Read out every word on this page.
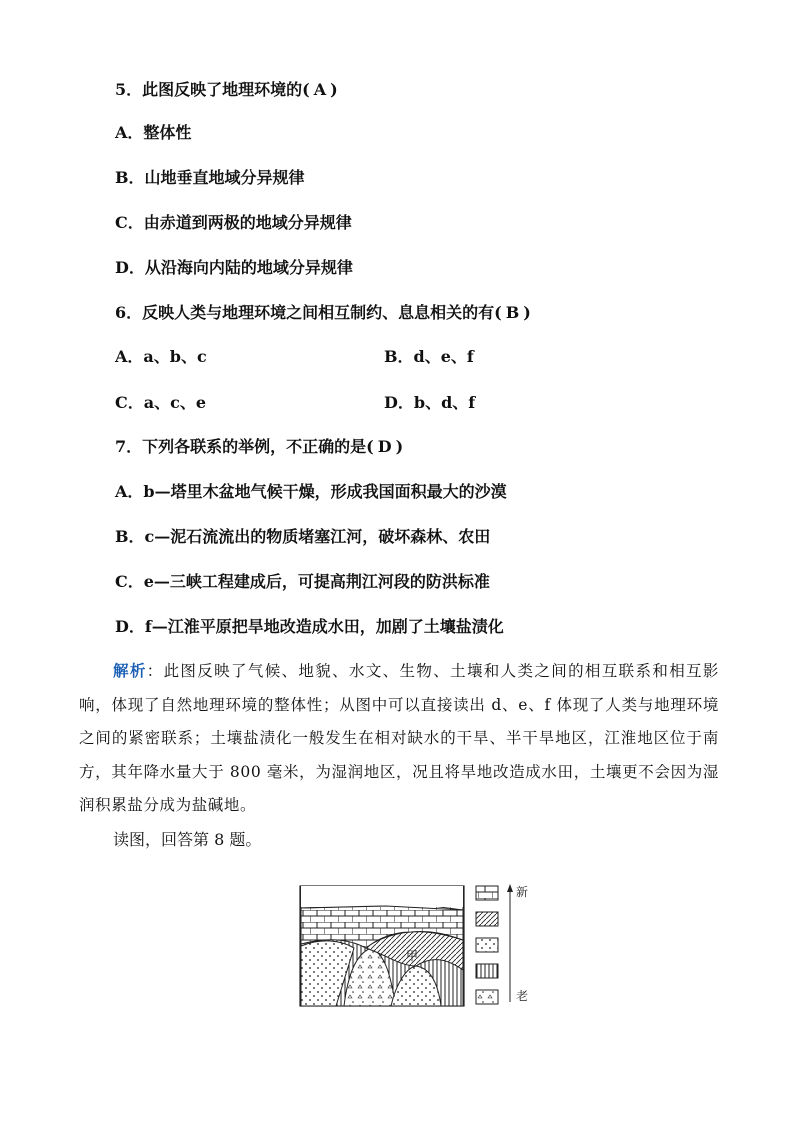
5．此图反映了地理环境的( A )
A．整体性
B．山地垂直地域分异规律
C．由赤道到两极的地域分异规律
D．从沿海向内陆的地域分异规律
6．反映人类与地理环境之间相互制约、息息相关的有( B )
A．a、b、c	B．d、e、f
C．a、c、e	D．b、d、f
7．下列各联系的举例，不正确的是( D )
A．b—塔里木盆地气候干燥，形成我国面积最大的沙漠
B．c—泥石流流出的物质堵塞江河，破坏森林、农田
C．e—三峡工程建成后，可提高荆江河段的防洪标准
D．f—江淮平原把旱地改造成水田，加剧了土壤盐渍化
解析：此图反映了气候、地貌、水文、生物、土壤和人类之间的相互联系和相互影响，体现了自然地理环境的整体性；从图中可以直接读出 d、e、f 体现了人类与地理环境之间的紧密联系；土壤盐渍化一般发生在相对缺水的干旱、半干旱地区，江淮地区位于南方，其年降水量大于 800 毫米，为湿润地区，况且将旱地改造成水田，土壤更不会因为湿润积累盐分成为盐碱地。
读图，回答第 8 题。
甲
新
老
